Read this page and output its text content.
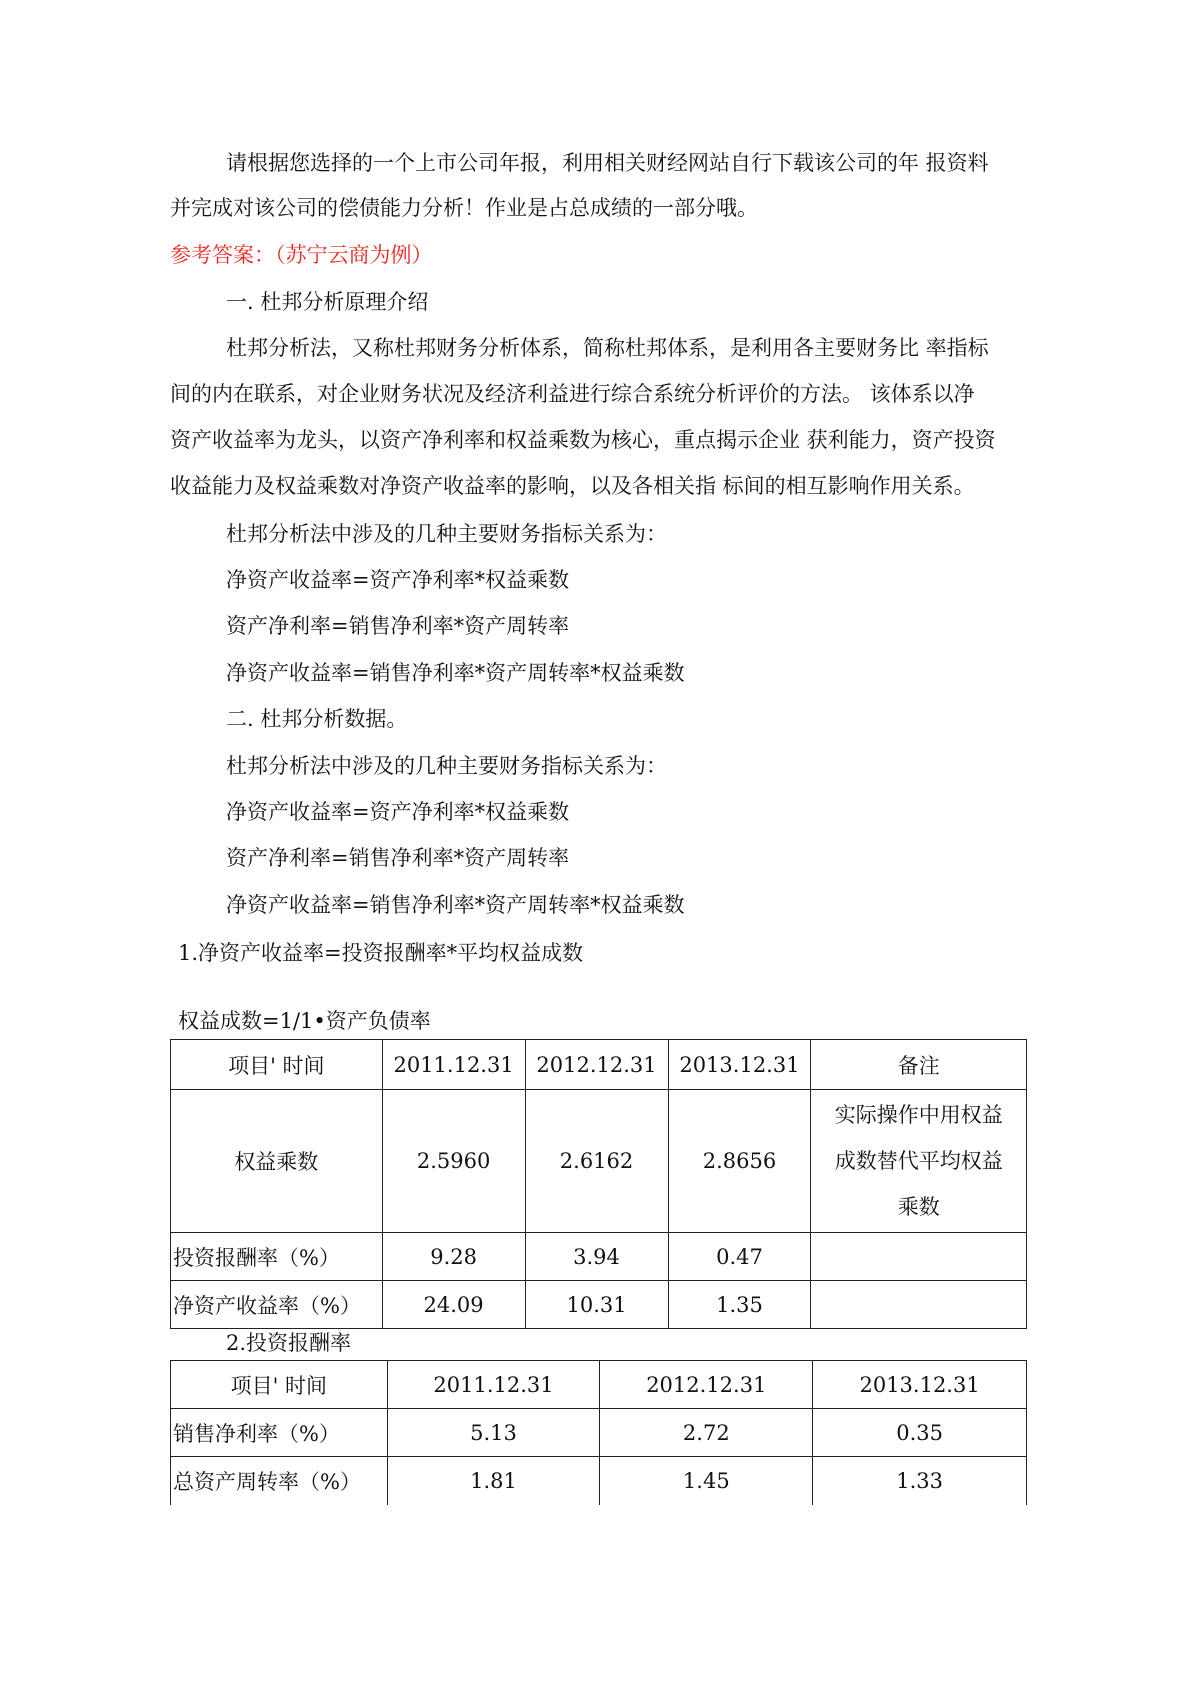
请根据您选择的一个上市公司年报，利用相关财经网站自行下载该公司的年 报资料
并完成对该公司的偿债能力分析！作业是占总成绩的一部分哦。
参考答案：（苏宁云商为例）
一. 杜邦分析原理介绍
杜邦分析法，又称杜邦财务分析体系，简称杜邦体系，是利用各主要财务比 率指标
间的内在联系，对企业财务状况及经济利益进行综合系统分析评价的方法。 该体系以净
资产收益率为龙头，以资产净利率和权益乘数为核心，重点揭示企业 获利能力，资产投资
收益能力及权益乘数对净资产收益率的影响，以及各相关指 标间的相互影响作用关系。
杜邦分析法中涉及的几种主要财务指标关系为：
净资产收益率=资产净利率*权益乘数
资产净利率=销售净利率*资产周转率
净资产收益率=销售净利率*资产周转率*权益乘数
二. 杜邦分析数据。
杜邦分析法中涉及的几种主要财务指标关系为：
净资产收益率=资产净利率*权益乘数
资产净利率=销售净利率*资产周转率
净资产收益率=销售净利率*资产周转率*权益乘数
1.净资产收益率=投资报酬率*平均权益成数
权益成数=1/1•资产负债率
项目' 时间	2011.12.31	2012.12.31	2013.12.31	备注
权益乘数	2.5960	2.6162	2.8656	实际操作中用权益
成数替代平均权益
乘数

投资报酬率（%）	9.28	3.94	0.47	
净资产收益率（%）	24.09	10.31	1.35	
2.投资报酬率
项目' 时间	2011.12.31	2012.12.31	2013.12.31
销售净利率（%）	5.13	2.72	0.35
总资产周转率（%）	1.81	1.45	1.33
